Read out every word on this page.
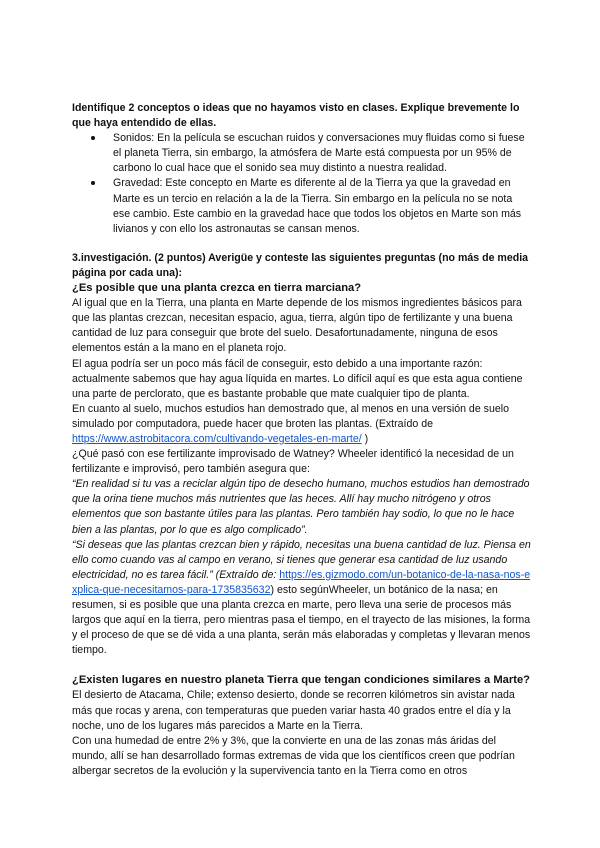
Identifique 2 conceptos o ideas que no hayamos visto en clases. Explique brevemente lo que haya entendido de ellas.

Sonidos: En la película se escuchan ruidos y conversaciones muy fluidas como si fuese el planeta Tierra, sin embargo, la atmósfera de Marte está compuesta por un 95% de carbono lo cual hace que el sonido sea muy distinto a nuestra realidad.
Gravedad: Este concepto en Marte es diferente al de la Tierra ya que la gravedad en Marte es un tercio en relación a la de la Tierra. Sin embargo en la película no se nota ese cambio. Este cambio en la gravedad hace que todos los objetos en Marte son más livianos y con ello los astronautas se cansan menos.

3.investigación. (2 puntos) Averigüe y conteste las siguientes preguntas (no más de media página por cada una):

¿Es posible que una planta crezca en tierra marciana?

Al igual que en la Tierra, una planta en Marte depende de los mismos ingredientes básicos para que las plantas crezcan, necesitan espacio, agua, tierra, algún tipo de fertilizante y una buena cantidad de luz para conseguir que brote del suelo. Desafortunadamente, ninguna de esos elementos están a la mano en el planeta rojo.

El agua podría ser un poco más fácil de conseguir, esto debido a una importante razón: actualmente sabemos que hay agua líquida en martes. Lo difícil aquí es que esta agua contiene una parte de perclorato, que es bastante probable que mate cualquier tipo de planta.

En cuanto al suelo, muchos estudios han demostrado que, al menos en una versión de suelo simulado por computadora, puede hacer que broten las plantas. (Extraído de https://www.astrobitacora.com/cultivando-vegetales-en-marte/ )

¿Qué pasó con ese fertilizante improvisado de Watney? Wheeler identificó la necesidad de un fertilizante e improvisó, pero también asegura que:

“En realidad si tu vas a reciclar algún tipo de desecho humano, muchos estudios han demostrado que la orina tiene muchos más nutrientes que las heces. Allí hay mucho nitrógeno y otros elementos que son bastante útiles para las plantas. Pero también hay sodio, lo que no le hace bien a las plantas, por lo que es algo complicado”.

“Si deseas que las plantas crezcan bien y rápido, necesitas una buena cantidad de luz. Piensa en ello como cuando vas al campo en verano, si tienes que generar esa cantidad de luz usando electricidad, no es tarea fácil.” (Extraído de: https://es.gizmodo.com/un-botanico-de-la-nasa-nos-explica-que-necesitamos-para-1735835632) esto segúnWheeler, un botánico de la nasa; en resumen, si es posible que una planta crezca en marte, pero lleva una serie de procesos más largos que aquí en la tierra, pero mientras pasa el tiempo, en el trayecto de las misiones, la forma y el proceso de que se dé vida a una planta, serán más elaboradas y completas y llevaran menos tiempo.

¿Existen lugares en nuestro planeta Tierra que tengan condiciones similares a Marte?

El desierto de Atacama, Chile; extenso desierto, donde se recorren kilómetros sin avistar nada más que rocas y arena, con temperaturas que pueden variar hasta 40 grados entre el día y la noche, uno de los lugares más parecidos a Marte en la Tierra.

Con una humedad de entre 2% y 3%, que la convierte en una de las zonas más áridas del mundo, allí se han desarrollado formas extremas de vida que los científicos creen que podrían albergar secretos de la evolución y la supervivencia tanto en la Tierra como en otros
